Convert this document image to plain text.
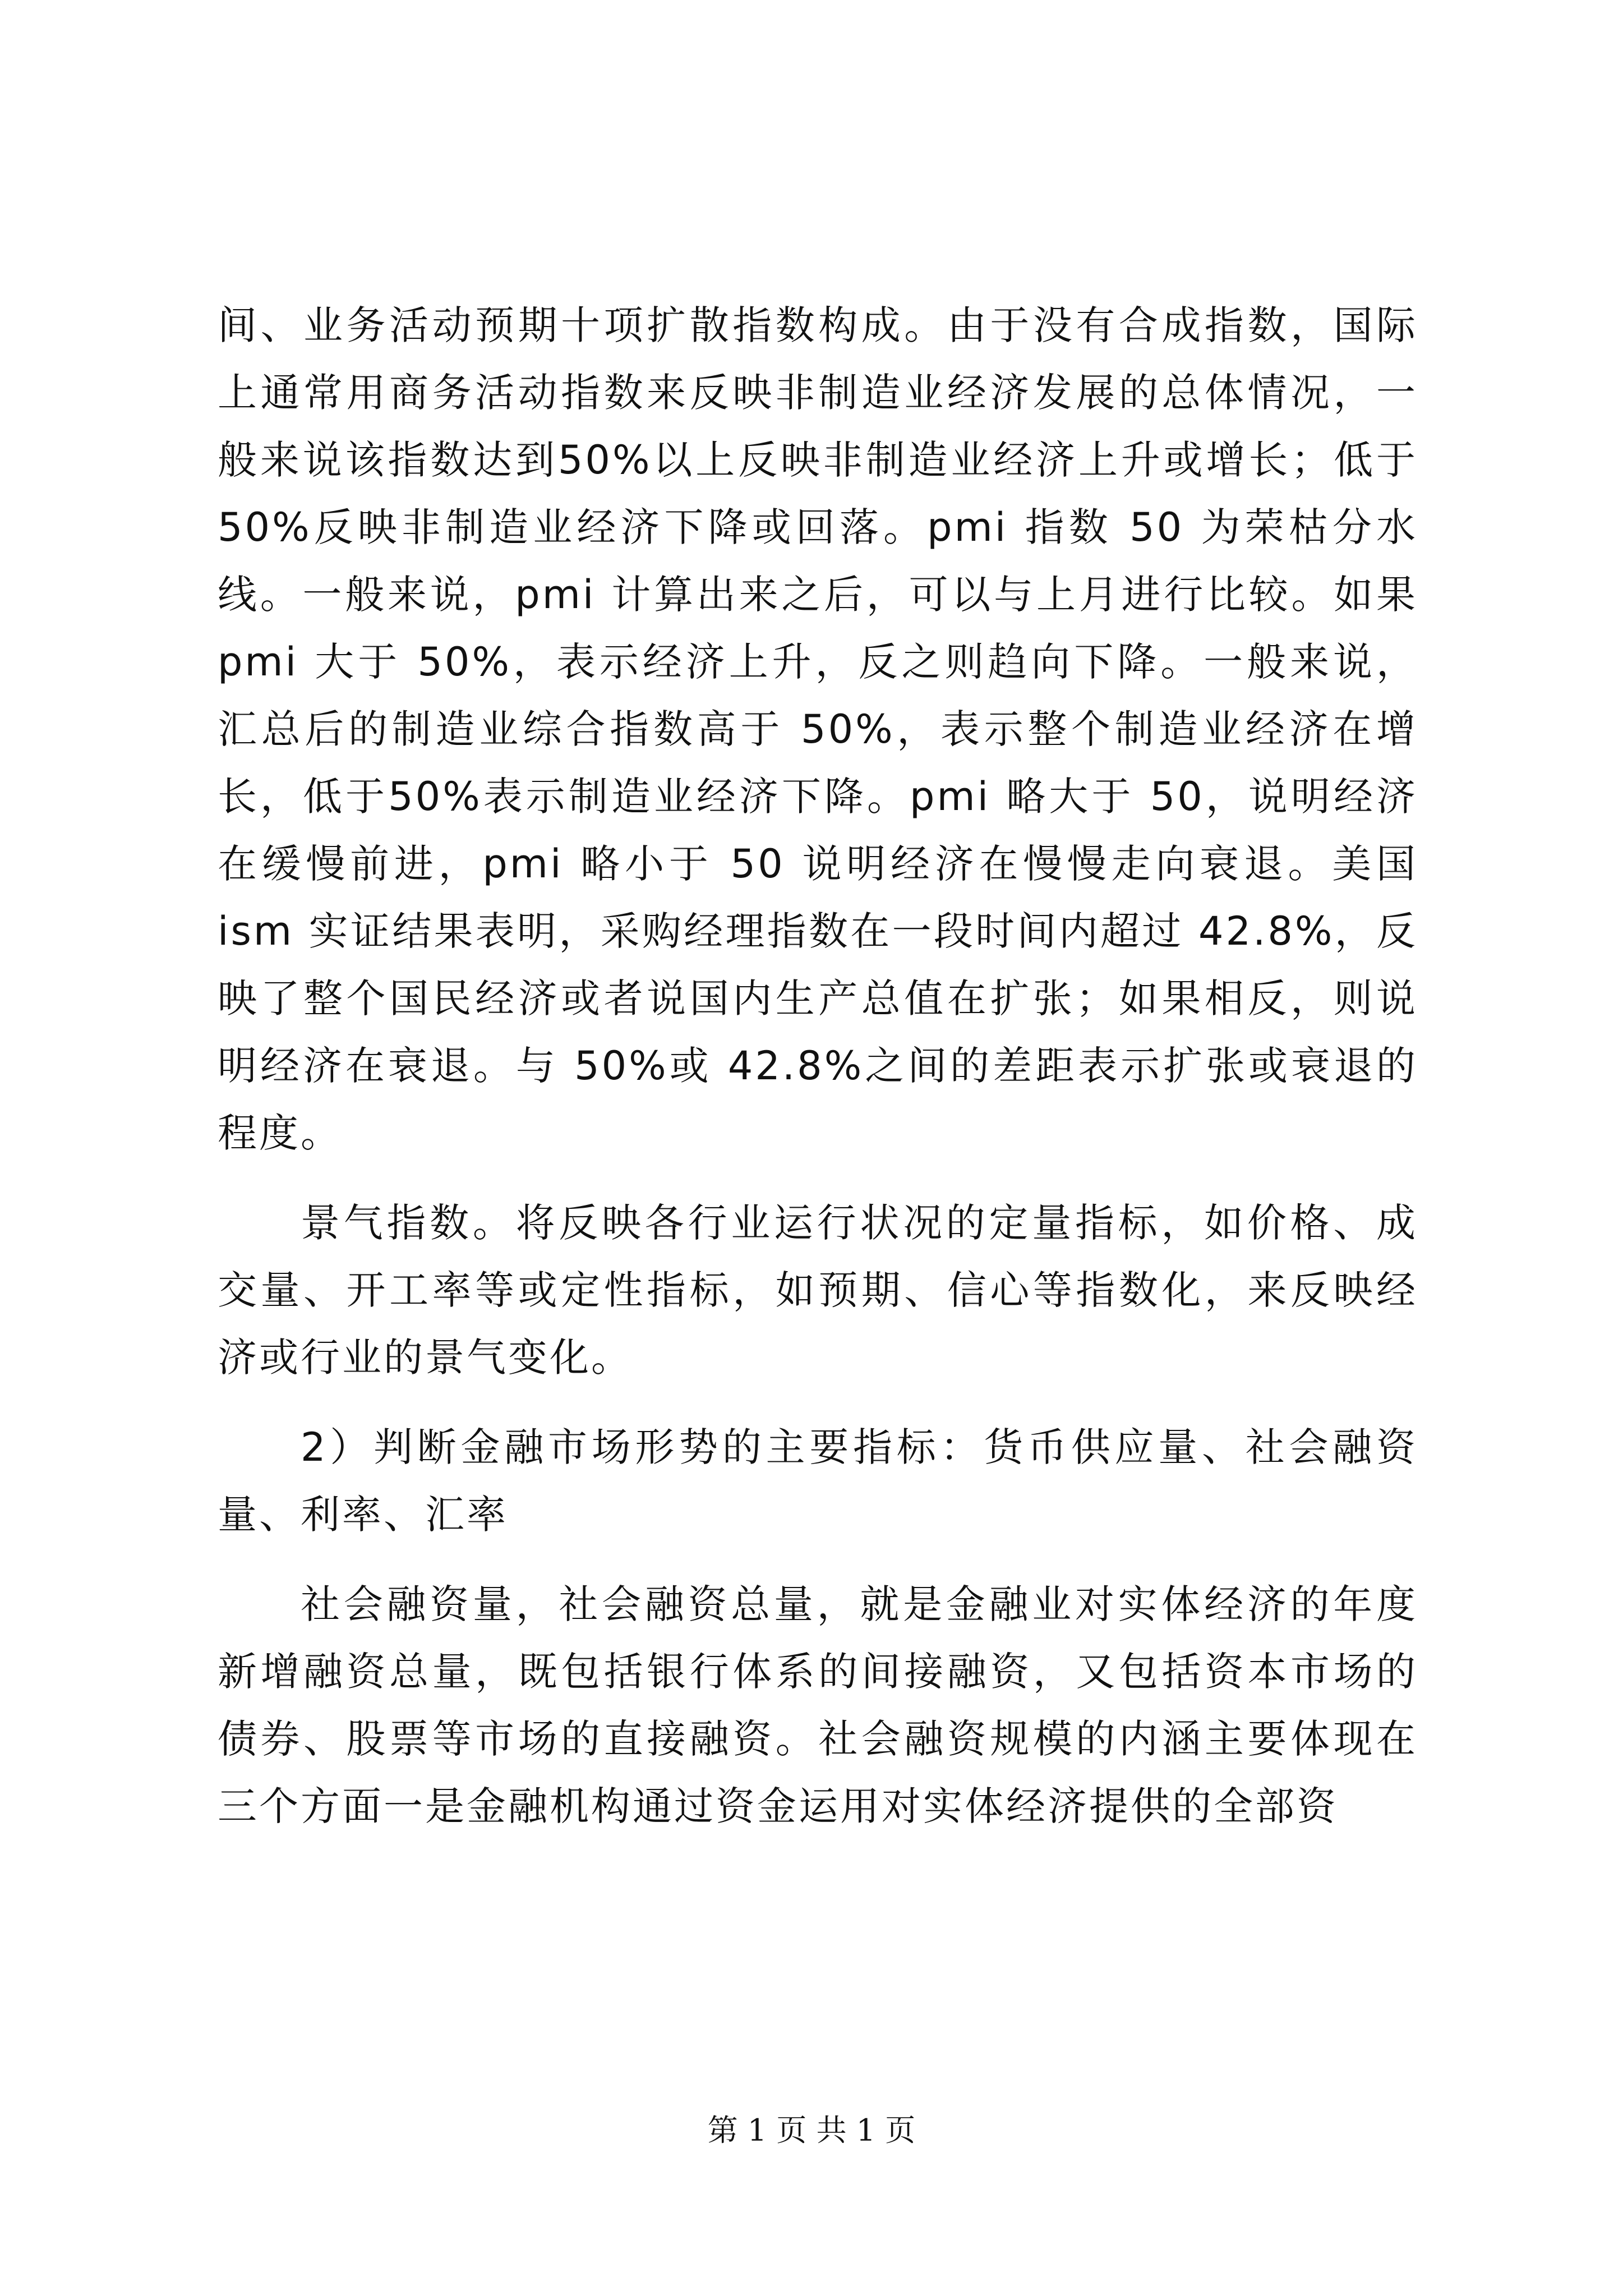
间、业务活动预期十项扩散指数构成。由于没有合成指数，国际上通常用商务活动指数来反映非制造业经济发展的总体情况，一般来说该指数达到50%以上反映非制造业经济上升或增长；低于50%反映非制造业经济下降或回落。pmi 指数 50 为荣枯分水线。一般来说，pmi 计算出来之后，可以与上月进行比较。如果 pmi 大于 50%，表示经济上升，反之则趋向下降。一般来说，汇总后的制造业综合指数高于 50%，表示整个制造业经济在增长，低于50%表示制造业经济下降。pmi 略大于 50，说明经济在缓慢前进，pmi 略小于 50 说明经济在慢慢走向衰退。美国 ism 实证结果表明，采购经理指数在一段时间内超过 42.8%，反映了整个国民经济或者说国内生产总值在扩张；如果相反，则说明经济在衰退。与 50%或 42.8%之间的差距表示扩张或衰退的程度。

景气指数。将反映各行业运行状况的定量指标，如价格、成交量、开工率等或定性指标，如预期、信心等指数化，来反映经济或行业的景气变化。

2）判断金融市场形势的主要指标：货币供应量、社会融资量、利率、汇率

社会融资量，社会融资总量，就是金融业对实体经济的年度新增融资总量，既包括银行体系的间接融资，又包括资本市场的债券、股票等市场的直接融资。社会融资规模的内涵主要体现在三个方面一是金融机构通过资金运用对实体经济提供的全部资

第 1 页 共 1 页
